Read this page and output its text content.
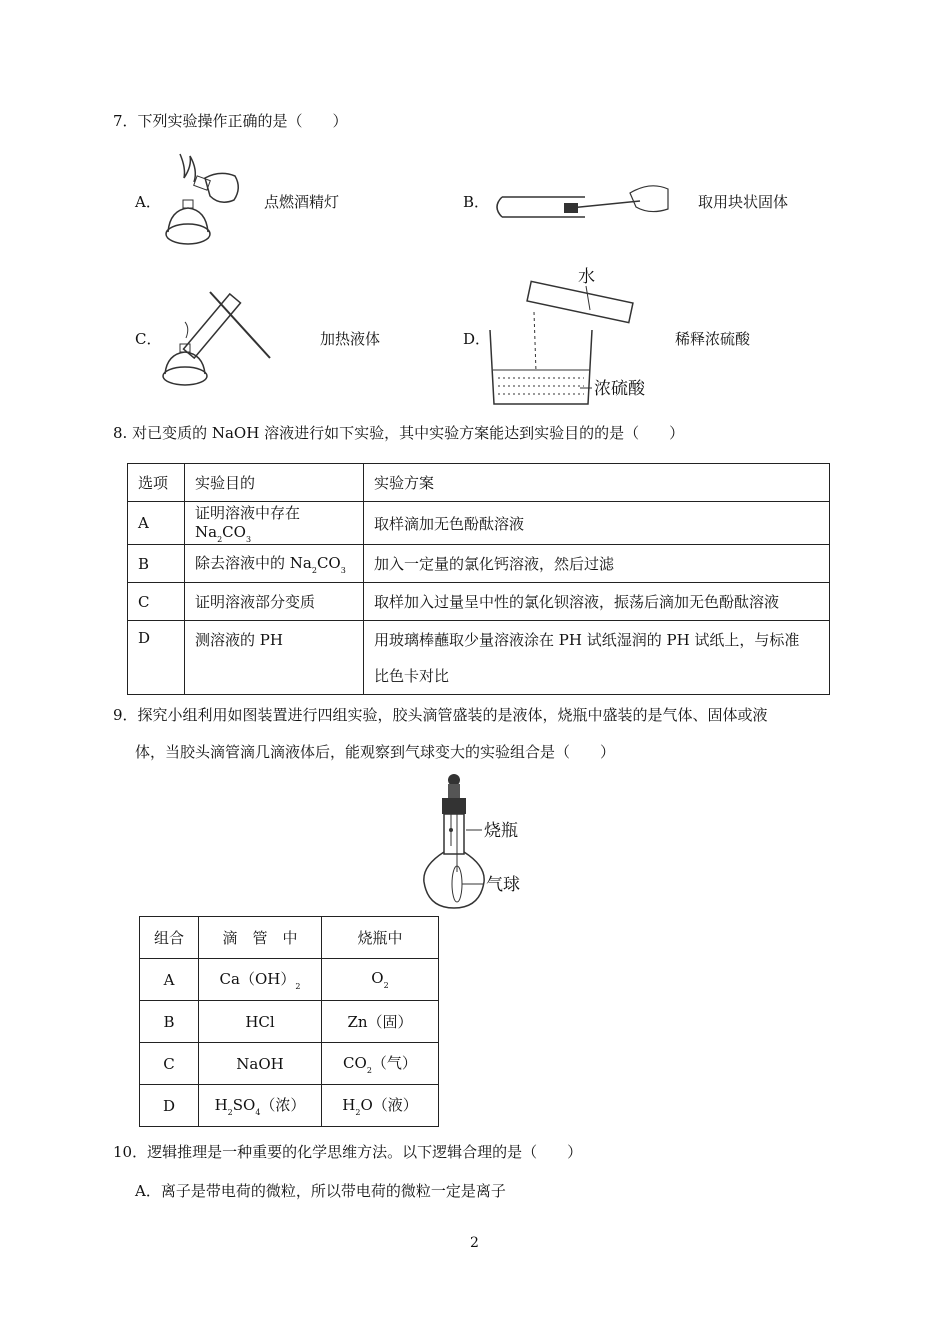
7．下列实验操作正确的是（　　）
A．	点燃酒精灯	B．	取用块状固体
C．	加热液体	D．
水
浓硫酸
稀释浓硫酸
8. 对已变质的 NaOH 溶液进行如下实验，其中实验方案能达到实验目的的是（　　）
选项	实验目的	实验方案
A	证明溶液中存在 $Na_2CO_3$	取样滴加无色酚酞溶液
B	除去溶液中的 $Na_2CO_3$	加入一定量的氯化钙溶液，然后过滤
C	证明溶液部分变质	取样加入过量呈中性的氯化钡溶液，振荡后滴加无色酚酞溶液
D	测溶液的 PH	用玻璃棒蘸取少量溶液涂在 PH 试纸湿润的 PH 试纸上，与标准
比色卡对比
9．探究小组利用如图装置进行四组实验，胶头滴管盛装的是液体，烧瓶中盛装的是气体、固体或液
体，当胶头滴管滴几滴液体后，能观察到气球变大的实验组合是（　　）
烧瓶
气球
组合	滴　管　中	烧瓶中
A	$Ca(OH)_2$	$O_2$
B	HCl	Zn（固）
C	NaOH	$CO_2$（气）
D	$H_2SO_4$（浓）	$H_2O$（液）
10．逻辑推理是一种重要的化学思维方法。以下逻辑合理的是（　　）
A．离子是带电荷的微粒，所以带电荷的微粒一定是离子
2
